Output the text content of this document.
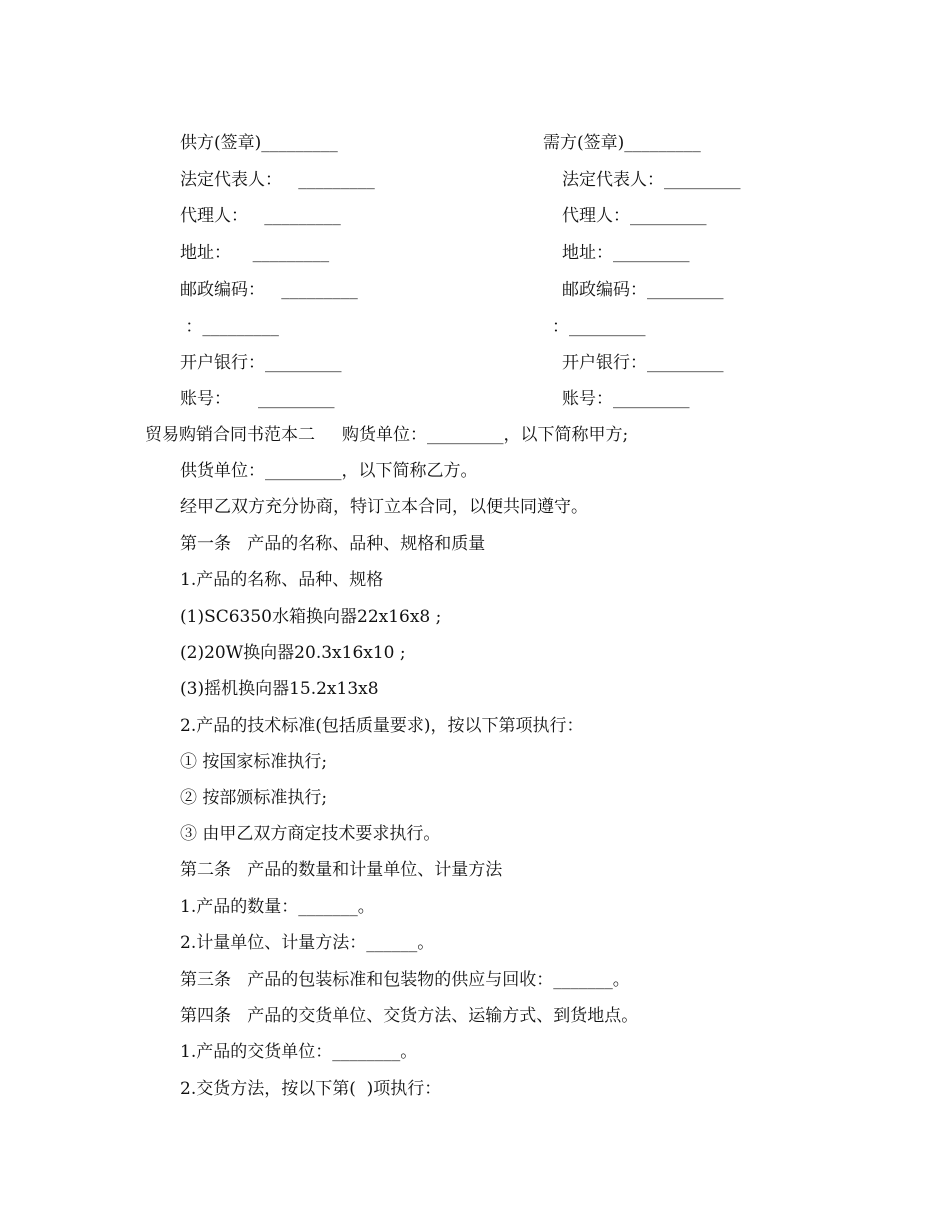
供方(签章)_________
法定代表人：   _________
代理人：   _________
地址：    _________
邮政编码：   _________
：_________
开户银行：_________
账号：     _________
需方(签章)_________
法定代表人：_________
代理人：_________
地址：_________
邮政编码：_________
：_________
开户银行：_________
账号：_________
贸易购销合同书范本二     购货单位：_________，以下简称甲方;
供货单位：_________，以下简称乙方。
经甲乙双方充分协商，特订立本合同，以便共同遵守。
第一条   产品的名称、品种、规格和质量
1.产品的名称、品种、规格
(1)SC6350水箱换向器22x16x8 ;
(2)20W换向器20.3x16x10 ;
(3)摇机换向器15.2x13x8
2.产品的技术标准(包括质量要求)，按以下第项执行：
① 按国家标准执行;
② 按部颁标准执行;
③ 由甲乙双方商定技术要求执行。
第二条   产品的数量和计量单位、计量方法
1.产品的数量：_______。
2.计量单位、计量方法：______。
第三条   产品的包装标准和包装物的供应与回收：_______。
第四条   产品的交货单位、交货方法、运输方式、到货地点。
1.产品的交货单位：________。
2.交货方法，按以下第(  )项执行：
